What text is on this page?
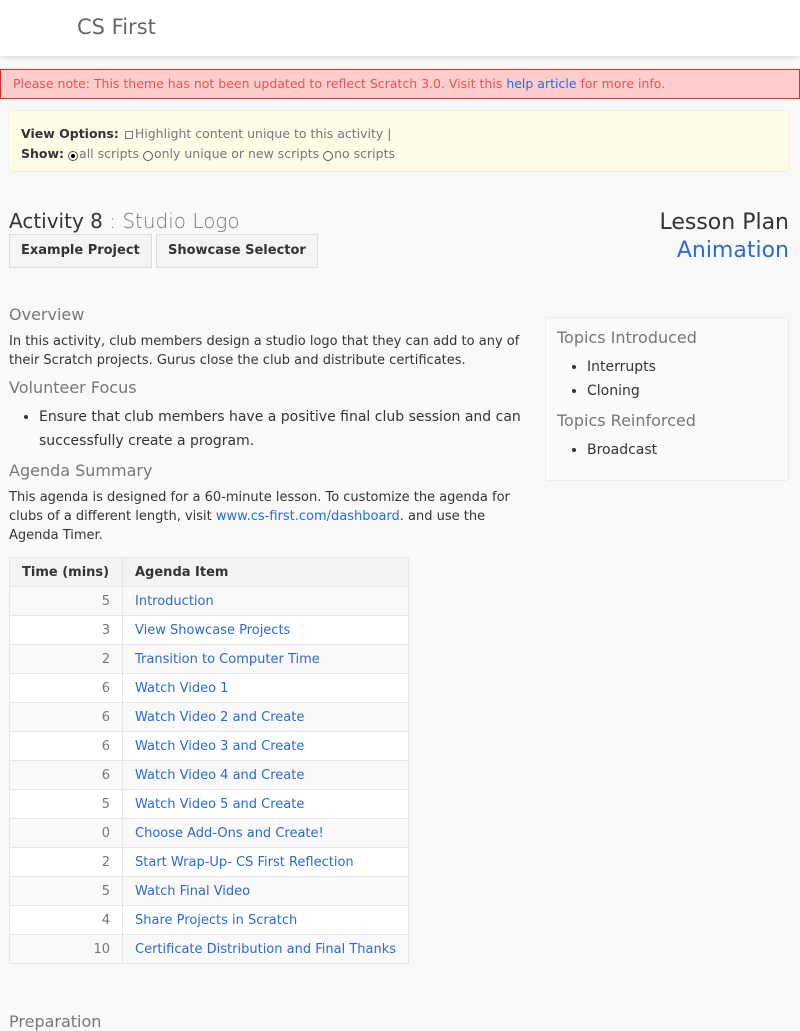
CS First
Please note: This theme has not been updated to reflect Scratch 3.0. Visit this help article for more info.
View Options: Highlight content unique to this activity |
Show: all scripts only unique or new scripts no scripts
Activity 8 : Studio Logo
Example Project	Showcase Selector
Lesson Plan
Animation
Overview

In this activity, club members design a studio logo that they can add to any of their Scratch projects. Gurus close the club and distribute certificates.

Volunteer Focus
• Ensure that club members have a positive final club session and can successfully create a program.
Agenda Summary

This agenda is designed for a 60-minute lesson. To customize the agenda for clubs of a different length, visit www.cs-first.com/dashboard. and use the Agenda Timer.

Time (mins)	Agenda Item
5	Introduction
3	View Showcase Projects
2	Transition to Computer Time
6	Watch Video 1
6	Watch Video 2 and Create
6	Watch Video 3 and Create
6	Watch Video 4 and Create
5	Watch Video 5 and Create
0	Choose Add-Ons and Create!
2	Start Wrap-Up- CS First Reflection
5	Watch Final Video
4	Share Projects in Scratch
10	Certificate Distribution and Final Thanks
Topics Introduced
• Interrupts
• Cloning
Topics Reinforced
• Broadcast
Preparation
